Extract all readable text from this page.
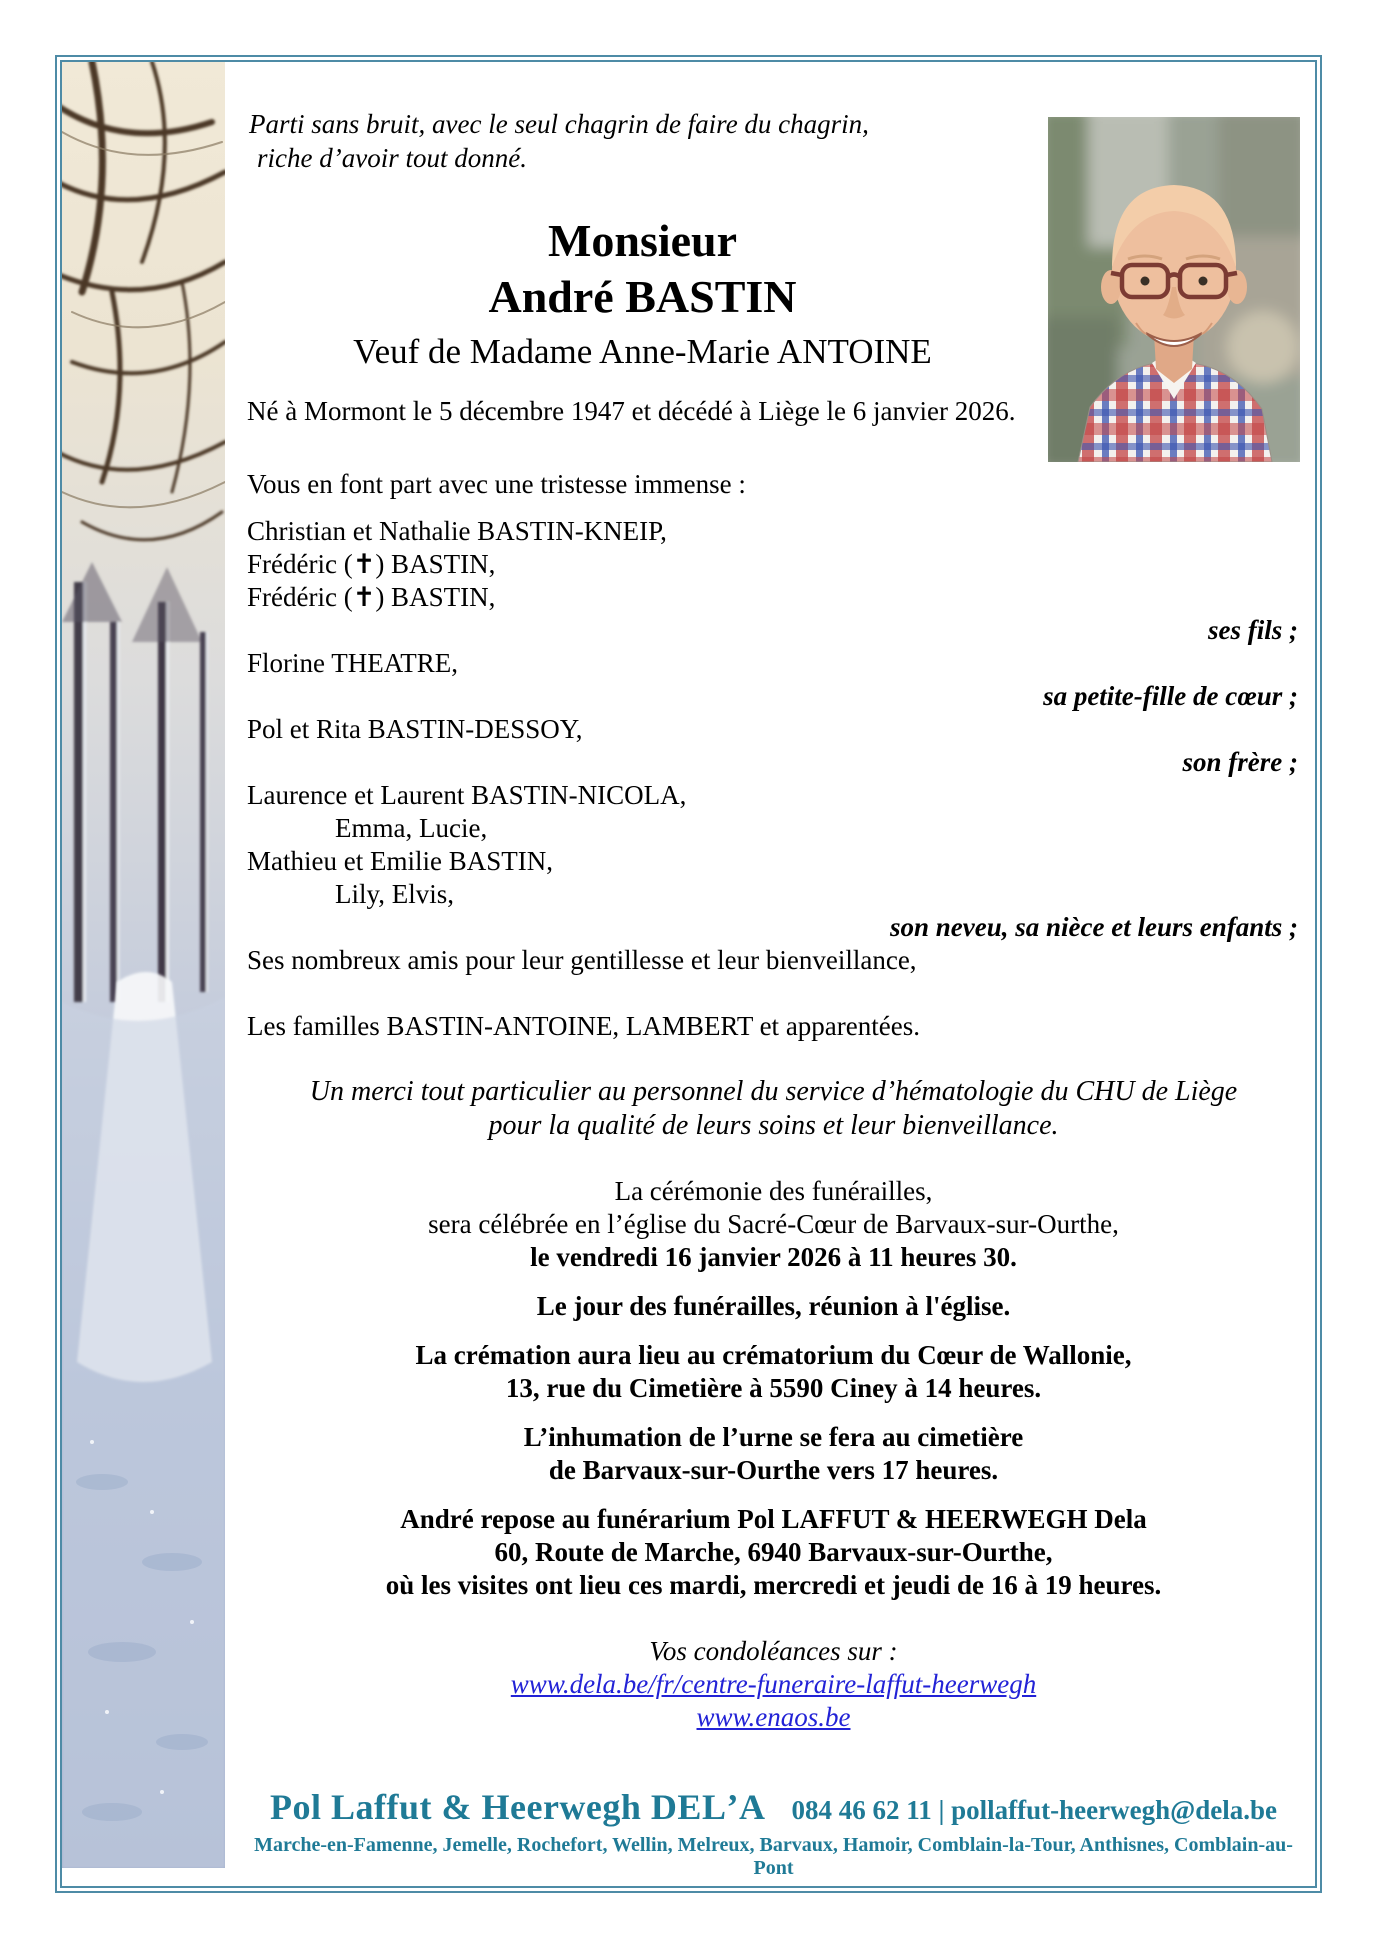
Parti sans bruit, avec le seul chagrin de faire du chagrin,
riche d’avoir tout donné.
Monsieur
André BASTIN
Veuf de Madame Anne-Marie ANTOINE
Né à Mormont le 5 décembre 1947 et décédé à Liège le 6 janvier 2026.
Vous en font part avec une tristesse immense :
Christian et Nathalie BASTIN-KNEIP,
Frédéric (✝) BASTIN,
Frédéric (✝) BASTIN,
ses fils ;
Florine THEATRE,
sa petite-fille de cœur ;
Pol et Rita BASTIN-DESSOY,
son frère ;
Laurence et Laurent BASTIN-NICOLA,
Emma, Lucie,
Mathieu et Emilie BASTIN,
Lily, Elvis,
son neveu, sa nièce et leurs enfants ;
Ses nombreux amis pour leur gentillesse et leur bienveillance,
Les familles BASTIN-ANTOINE, LAMBERT et apparentées.
Un merci tout particulier au personnel du service d’hématologie du CHU de Liège
pour la qualité de leurs soins et leur bienveillance.
La cérémonie des funérailles,
sera célébrée en l’église du Sacré-Cœur de Barvaux-sur-Ourthe,
le vendredi 16 janvier 2026 à 11 heures 30.
Le jour des funérailles, réunion à l'église.
La crémation aura lieu au crématorium du Cœur de Wallonie,
13, rue du Cimetière à 5590 Ciney à 14 heures.
L’inhumation de l’urne se fera au cimetière
de Barvaux-sur-Ourthe vers 17 heures.
André repose au funérarium Pol LAFFUT & HEERWEGH Dela
60, Route de Marche, 6940 Barvaux-sur-Ourthe,
où les visites ont lieu ces mardi, mercredi et jeudi de 16 à 19 heures.
Vos condoléances sur :
www.dela.be/fr/centre-funeraire-laffut-heerwegh
www.enaos.be
Pol Laffut & Heerwegh DELʼA 084 46 62 11 | pollaffut-heerwegh@dela.be
Marche-en-Famenne, Jemelle, Rochefort, Wellin, Melreux, Barvaux, Hamoir, Comblain-la-Tour, Anthisnes, Comblain-au-Pont
